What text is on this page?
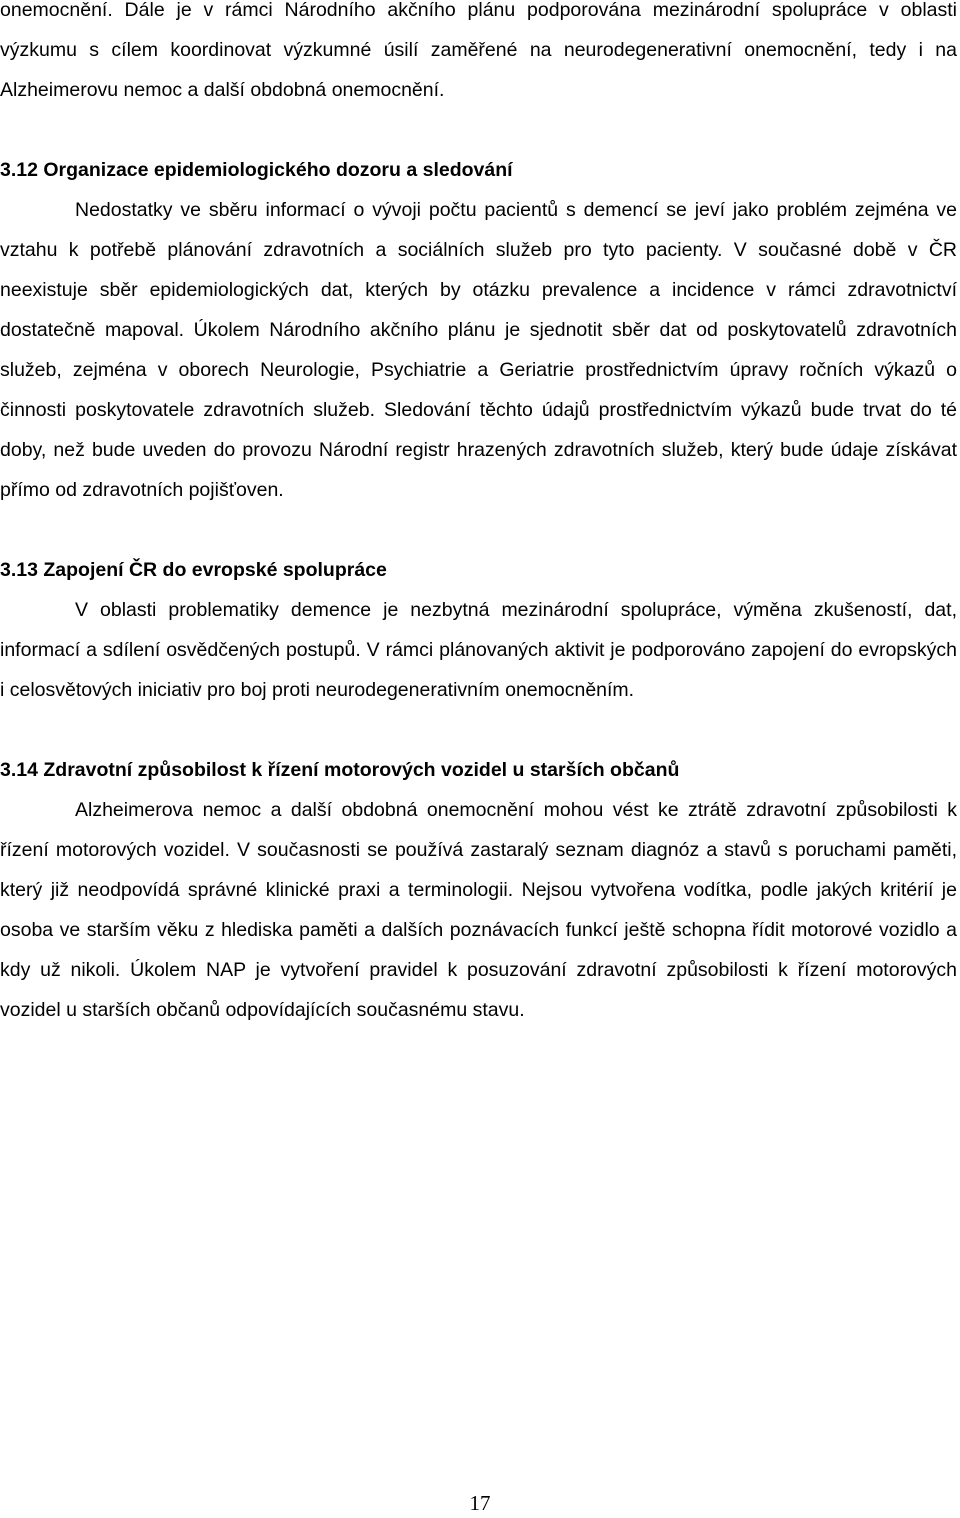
onemocnění. Dále je v rámci Národního akčního plánu podporována mezinárodní spolupráce v oblasti výzkumu s cílem koordinovat výzkumné úsilí zaměřené na neurodegenerativní onemocnění, tedy i na Alzheimerovu nemoc a další obdobná onemocnění.

3.12 Organizace epidemiologického dozoru a sledování

Nedostatky ve sběru informací o vývoji počtu pacientů s demencí se jeví jako problém zejména ve vztahu k potřebě plánování zdravotních a sociálních služeb pro tyto pacienty. V současné době v ČR neexistuje sběr epidemiologických dat, kterých by otázku prevalence a incidence v rámci zdravotnictví dostatečně mapoval. Úkolem Národního akčního plánu je sjednotit sběr dat od poskytovatelů zdravotních služeb, zejména v oborech Neurologie, Psychiatrie a Geriatrie prostřednictvím úpravy ročních výkazů o činnosti poskytovatele zdravotních služeb. Sledování těchto údajů prostřednictvím výkazů bude trvat do té doby, než bude uveden do provozu Národní registr hrazených zdravotních služeb, který bude údaje získávat přímo od zdravotních pojišťoven.

3.13 Zapojení ČR do evropské spolupráce

V oblasti problematiky demence je nezbytná mezinárodní spolupráce, výměna zkušeností, dat, informací a sdílení osvědčených postupů. V rámci plánovaných aktivit je podporováno zapojení do evropských i celosvětových iniciativ pro boj proti neurodegenerativním onemocněním.

3.14 Zdravotní způsobilost k řízení motorových vozidel u starších občanů

Alzheimerova nemoc a další obdobná onemocnění mohou vést ke ztrátě zdravotní způsobilosti k řízení motorových vozidel. V současnosti se používá zastaralý seznam diagnóz a stavů s poruchami paměti, který již neodpovídá správné klinické praxi a terminologii. Nejsou vytvořena vodítka, podle jakých kritérií je osoba ve starším věku z hlediska paměti a dalších poznávacích funkcí ještě schopna řídit motorové vozidlo a kdy už nikoli. Úkolem NAP je vytvoření pravidel k posuzování zdravotní způsobilosti k řízení motorových vozidel u starších občanů odpovídajících současnému stavu.

17
